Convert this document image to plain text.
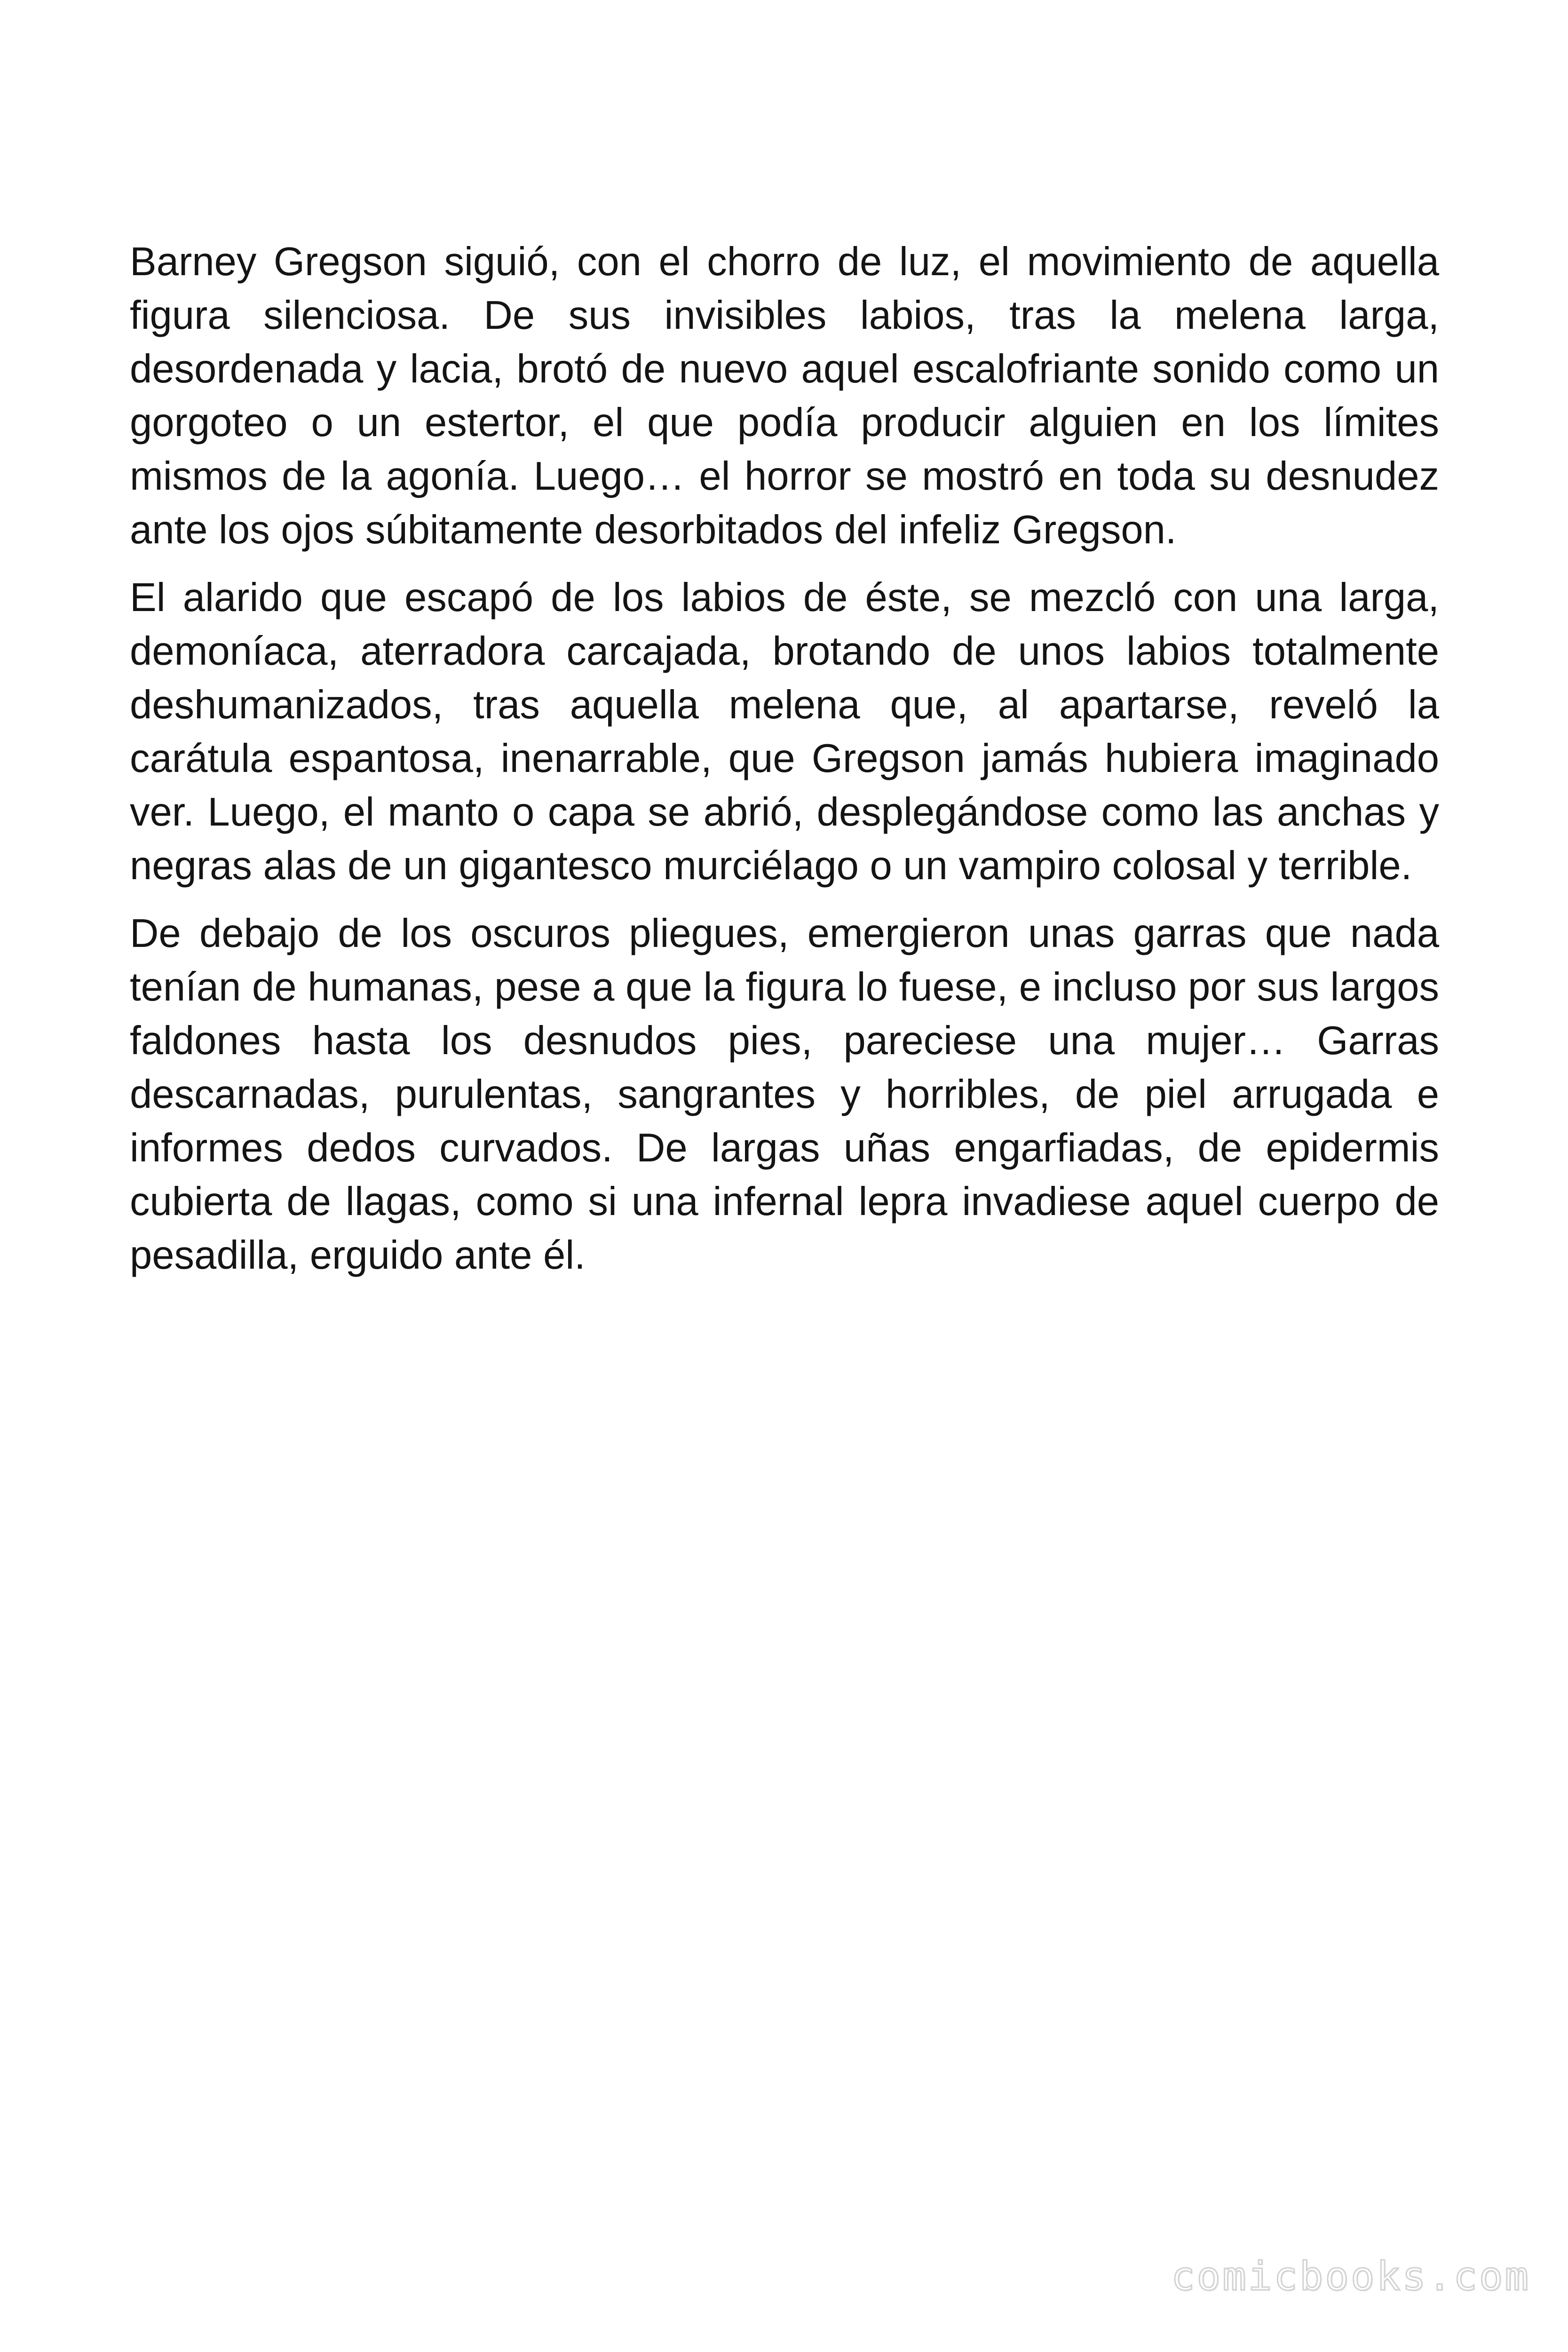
Barney Gregson siguió, con el chorro de luz, el movimiento de aquella figura silenciosa. De sus invisibles labios, tras la melena larga, desordenada y lacia, brotó de nuevo aquel escalofriante sonido como un gorgoteo o un estertor, el que podía producir alguien en los límites mismos de la agonía. Luego… el horror se mostró en toda su desnudez ante los ojos súbitamente desorbitados del infeliz Gregson.

El alarido que escapó de los labios de éste, se mezcló con una larga, demoníaca, aterradora carcajada, brotando de unos labios totalmente deshumanizados, tras aquella melena que, al apartarse, reveló la carátula espantosa, inenarrable, que Gregson jamás hubiera imaginado ver. Luego, el manto o capa se abrió, desplegándose como las anchas y negras alas de un gigantesco murciélago o un vampiro colosal y terrible.

De debajo de los oscuros pliegues, emergieron unas garras que nada tenían de humanas, pese a que la figura lo fuese, e incluso por sus largos faldones hasta los desnudos pies, pareciese una mujer… Garras descarnadas, purulentas, sangrantes y horribles, de piel arrugada e informes dedos curvados. De largas uñas engarfiadas, de epidermis cubierta de llagas, como si una infernal lepra invadiese aquel cuerpo de pesadilla, erguido ante él.

comicbooks.com
